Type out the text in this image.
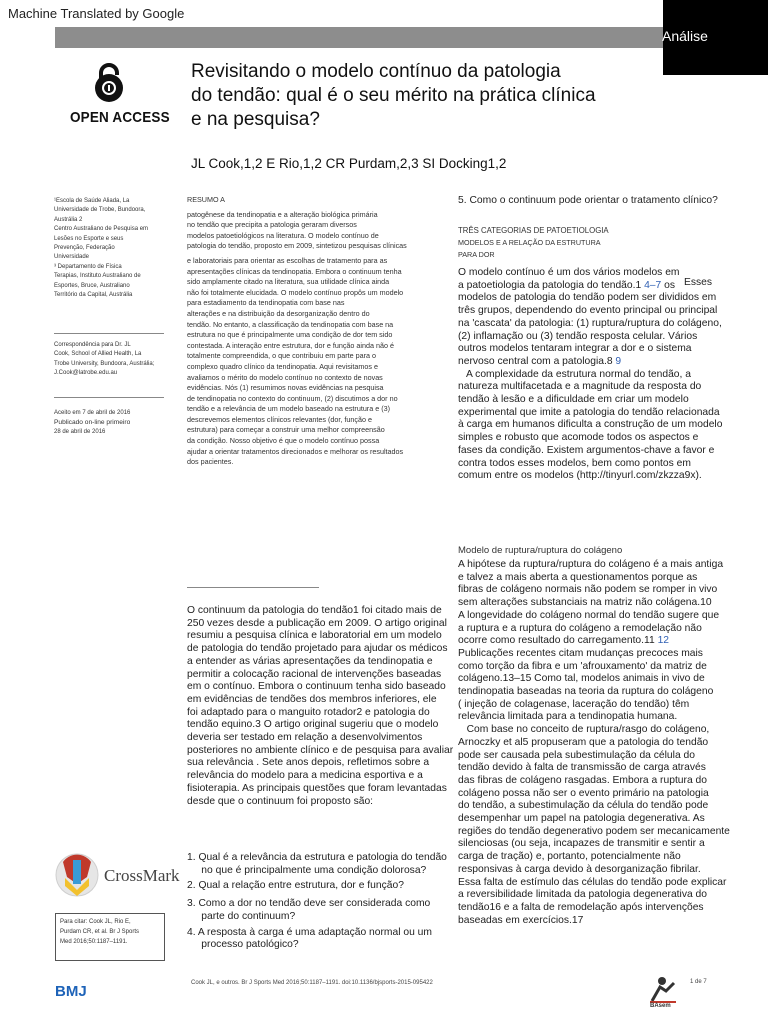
Machine Translated by Google
Análise
OPEN ACCESS
Revisitando o modelo contínuo da patologia
do tendão: qual é o seu mérito na prática clínica
e na pesquisa?
JL Cook,1,2 E Rio,1,2 CR Purdam,2,3 SI Docking1,2
¹Escola de Saúde Aliada, La
Universidade de Trobe, Bundoora,
Austrália 2
Centro Australiano de Pesquisa em
Lesões no Esporte e seus
Prevenção, Federação
Universidade
³ Departamento de Física
Terapias, Instituto Australiano de
Esportes, Bruce, Australiano
Território da Capital, Austrália
Correspondência para Dr. JL
Cook, School of Allied Health, La
Trobe University, Bundoora, Austrália;
J.Cook@latrobe.edu.au
Aceito em 7 de abril de 2016
Publicado on-line primeiro
28 de abril de 2016
RESUMO A
patogênese da tendinopatia e a alteração biológica primária
no tendão que precipita a patologia geraram diversos
modelos patoetiológicos na literatura. O modelo contínuo de
patologia do tendão, proposto em 2009, sintetizou pesquisas clínicas
e laboratoriais para orientar as escolhas de tratamento para as
apresentações clínicas da tendinopatia. Embora o continuum tenha
sido amplamente citado na literatura, sua utilidade clínica ainda
não foi totalmente elucidada. O modelo contínuo propôs um modelo
para estadiamento da tendinopatia com base nas
alterações e na distribuição da desorganização dentro do
tendão. No entanto, a classificação da tendinopatia com base na
estrutura no que é principalmente uma condição de dor tem sido
contestada. A interação entre estrutura, dor e função ainda não é
totalmente compreendida, o que contribuiu em parte para o
complexo quadro clínico da tendinopatia. Aqui revisitamos e
avaliamos o mérito do modelo contínuo no contexto de novas
evidências. Nós (1) resumimos novas evidências na pesquisa
de tendinopatia no contexto do continuum, (2) discutimos a dor no
tendão e a relevância de um modelo baseado na estrutura e (3)
descrevemos elementos clínicos relevantes (dor, função e
estrutura) para começar a construir uma melhor compreensão
da condição. Nosso objetivo é que o modelo contínuo possa
ajudar a orientar tratamentos direcionados e melhorar os resultados
dos pacientes.
O continuum da patologia do tendão1 foi citado mais de
250 vezes desde a publicação em 2009. O artigo original
resumiu a pesquisa clínica e laboratorial em um modelo
de patologia do tendão projetado para ajudar os médicos
a entender as várias apresentações da tendinopatia e
permitir a colocação racional de intervenções baseadas
em o contínuo. Embora o continuum tenha sido baseado
em evidências de tendões dos membros inferiores, ele
foi adaptado para o manguito rotador2 e patologia do
tendão equino.3 O artigo original sugeriu que o modelo
deveria ser testado em relação a desenvolvimentos
posteriores no ambiente clínico e de pesquisa para avaliar
sua relevância . Sete anos depois, refletimos sobre a
relevância do modelo para a medicina esportiva e a
fisioterapia. As principais questões que foram levantadas
desde que o continuum foi proposto são:
1. Qual é a relevância da estrutura e patologia do tendão
no que é principalmente uma condição dolorosa?
2. Qual a relação entre estrutura, dor e função?
3. Como a dor no tendão deve ser considerada como
parte do continuum?
4. A resposta à carga é uma adaptação normal ou um
processo patológico?
5. Como o continuum pode orientar o tratamento clínico?
TRÊS CATEGORIAS DE PATOETIOLOGIA
MODELOS E A RELAÇÃO DA ESTRUTURA
PARA DOR
O modelo contínuo é um dos vários modelos em
a patoetiologia da patologia do tendão.1 4–7 os Esses
modelos de patologia do tendão podem ser divididos em
três grupos, dependendo do evento principal ou principal
na 'cascata' da patologia: (1) ruptura/ruptura do colágeno,
(2) inflamação ou (3) tendão resposta celular. Vários
outros modelos tentaram integrar a dor e o sistema
nervoso central com a patologia.8 9
A complexidade da estrutura normal do tendão, a
natureza multifacetada e a magnitude da resposta do
tendão à lesão e a dificuldade em criar um modelo
experimental que imite a patologia do tendão relacionada
à carga em humanos dificulta a construção de um modelo
simples e robusto que acomode todos os aspectos e
fases da condição. Existem argumentos-chave a favor e
contra todos esses modelos, bem como pontos em
comum entre os modelos (http://tinyurl.com/zkzza9x).
Modelo de ruptura/ruptura do colágeno
A hipótese da ruptura/ruptura do colágeno é a mais antiga
e talvez a mais aberta a questionamentos porque as
fibras de colágeno normais não podem se romper in vivo
sem alterações substanciais na matriz não colágena.10
A longevidade do colágeno normal do tendão sugere que
a ruptura e a ruptura do colágeno a remodelação não
ocorre como resultado do carregamento.11 12
Publicações recentes citam mudanças precoces mais
como torção da fibra e um 'afrouxamento' da matriz de
colágeno.13–15 Como tal, modelos animais in vivo de
tendinopatia baseadas na teoria da ruptura do colágeno
( injeção de colagenase, laceração do tendão) têm
relevância limitada para a tendinopatia humana.
Com base no conceito de ruptura/rasgo do colágeno,
Arnoczky et al5 propuseram que a patologia do tendão
pode ser causada pela subestimulação da célula do
tendão devido à falta de transmissão de carga através
das fibras de colágeno rasgadas. Embora a ruptura do
colágeno possa não ser o evento primário na patologia
do tendão, a subestimulação da célula do tendão pode
desempenhar um papel na patologia degenerativa. As
regiões do tendão degenerativo podem ser mecanicamente
silenciosas (ou seja, incapazes de transmitir e sentir a
carga de tração) e, portanto, potencialmente não
responsivas à carga devido à desorganização fibrilar.
Essa falta de estímulo das células do tendão pode explicar
a reversibilidade limitada da patologia degenerativa do
tendão16 e a falta de remodelação após intervenções
baseadas em exercícios.17
CrossMark
Para citar: Cook JL, Rio E,
Purdam CR, et al. Br J Sports
Med 2016;50:1187–1191.
BMJ	Cook JL, e outros. Br J Sports Med 2016;50:1187–1191. doi:10.1136/bjsports-2015-095422
BAsem
1 de 7
